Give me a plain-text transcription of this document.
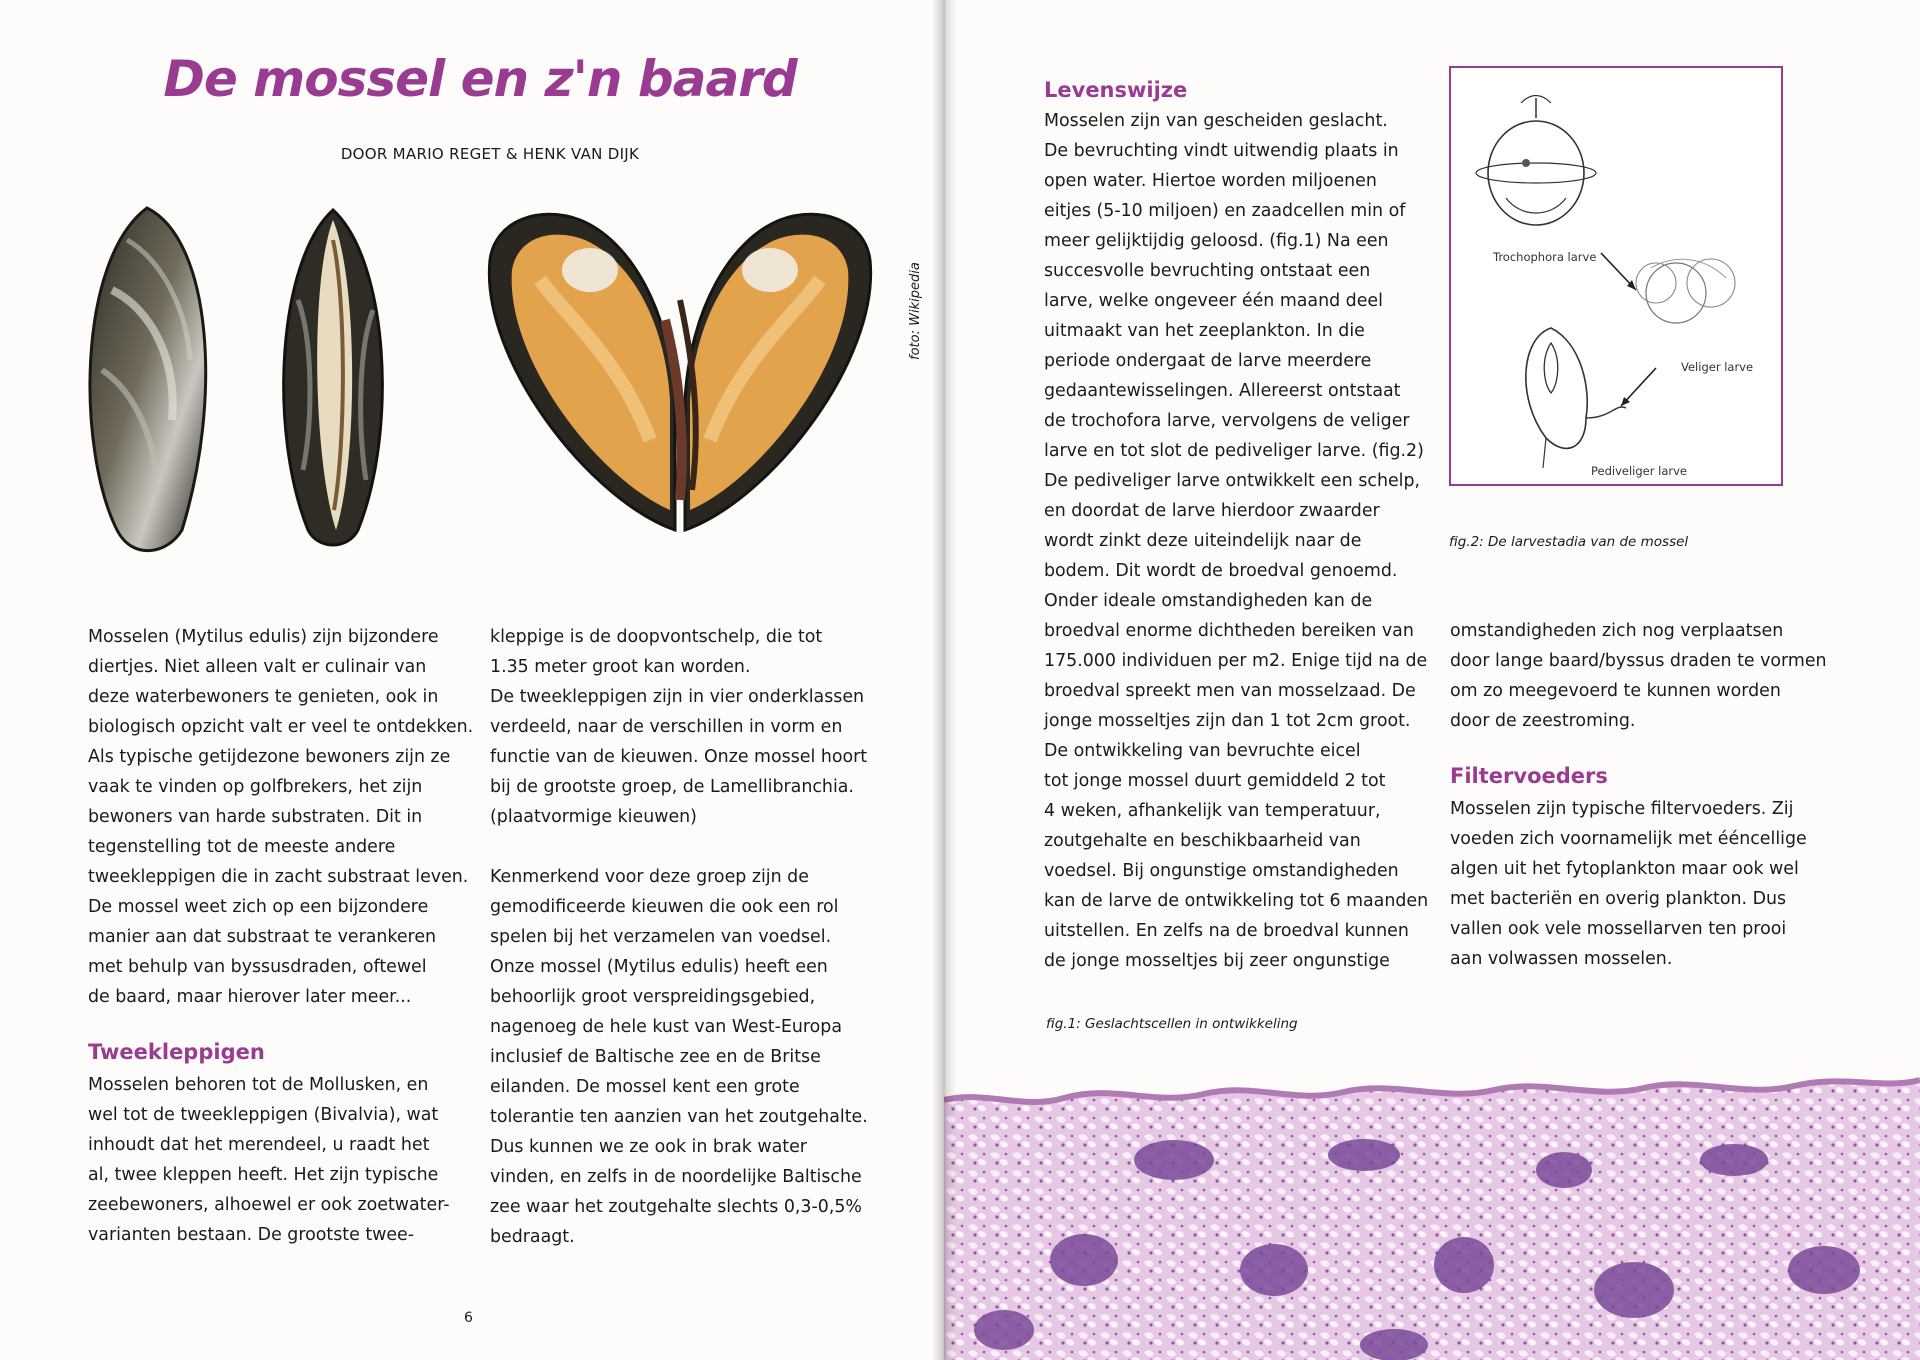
De mossel en z'n baard
DOOR MARIO REGET & HENK VAN DIJK
Mosselen (Mytilus edulis) zijn bijzondere
diertjes. Niet alleen valt er culinair van
deze waterbewoners te genieten, ook in
biologisch opzicht valt er veel te ontdekken.
Als typische getijdezone bewoners zijn ze
vaak te vinden op golfbrekers, het zijn
bewoners van harde substraten. Dit in
tegenstelling tot de meeste andere
tweekleppigen die in zacht substraat leven.
De mossel weet zich op een bijzondere
manier aan dat substraat te verankeren
met behulp van byssusdraden, oftewel
de baard, maar hierover later meer...
Tweekleppigen
Mosselen behoren tot de Mollusken, en
wel tot de tweekleppigen (Bivalvia), wat
inhoudt dat het merendeel, u raadt het
al, twee kleppen heeft. Het zijn typische
zeebewoners, alhoewel er ook zoetwater-
varianten bestaan. De grootste twee-
kleppige is de doopvontschelp, die tot
1.35 meter groot kan worden.
De tweekleppigen zijn in vier onderklassen
verdeeld, naar de verschillen in vorm en
functie van de kieuwen. Onze mossel hoort
bij de grootste groep, de Lamellibranchia.
(plaatvormige kieuwen)
Kenmerkend voor deze groep zijn de
gemodificeerde kieuwen die ook een rol
spelen bij het verzamelen van voedsel.
Onze mossel (Mytilus edulis) heeft een
behoorlijk groot verspreidingsgebied,
nagenoeg de hele kust van West-Europa
inclusief de Baltische zee en de Britse
eilanden. De mossel kent een grote
tolerantie ten aanzien van het zoutgehalte.
Dus kunnen we ze ook in brak water
vinden, en zelfs in de noordelijke Baltische
zee waar het zoutgehalte slechts 0,3-0,5%
bedraagt.
6
foto: Wikipedia
Levenswijze
Mosselen zijn van gescheiden geslacht.
De bevruchting vindt uitwendig plaats in
open water. Hiertoe worden miljoenen
eitjes (5-10 miljoen) en zaadcellen min of
meer gelijktijdig geloosd. (fig.1) Na een
succesvolle bevruchting ontstaat een
larve, welke ongeveer één maand deel
uitmaakt van het zeeplankton. In die
periode ondergaat de larve meerdere
gedaantewisselingen. Allereerst ontstaat
de trochofora larve, vervolgens de veliger
larve en tot slot de pediveliger larve. (fig.2)
De pediveliger larve ontwikkelt een schelp,
en doordat de larve hierdoor zwaarder
wordt zinkt deze uiteindelijk naar de
bodem. Dit wordt de broedval genoemd.
Onder ideale omstandigheden kan de
broedval enorme dichtheden bereiken van
175.000 individuen per m2. Enige tijd na de
broedval spreekt men van mosselzaad. De
jonge mosseltjes zijn dan 1 tot 2cm groot.
De ontwikkeling van bevruchte eicel
tot jonge mossel duurt gemiddeld 2 tot
4 weken, afhankelijk van temperatuur,
zoutgehalte en beschikbaarheid van
voedsel. Bij ongunstige omstandigheden
kan de larve de ontwikkeling tot 6 maanden
uitstellen. En zelfs na de broedval kunnen
de jonge mosseltjes bij zeer ongunstige
Trochophora larve
Veliger larve
Pediveliger larve
fig.2: De larvestadia van de mossel
omstandigheden zich nog verplaatsen
door lange baard/byssus draden te vormen
om zo meegevoerd te kunnen worden
door de zeestroming.
Filtervoeders
Mosselen zijn typische filtervoeders. Zij
voeden zich voornamelijk met ééncellige
algen uit het fytoplankton maar ook wel
met bacteriën en overig plankton. Dus
vallen ook vele mossellarven ten prooi
aan volwassen mosselen.
fig.1: Geslachtscellen in ontwikkeling
